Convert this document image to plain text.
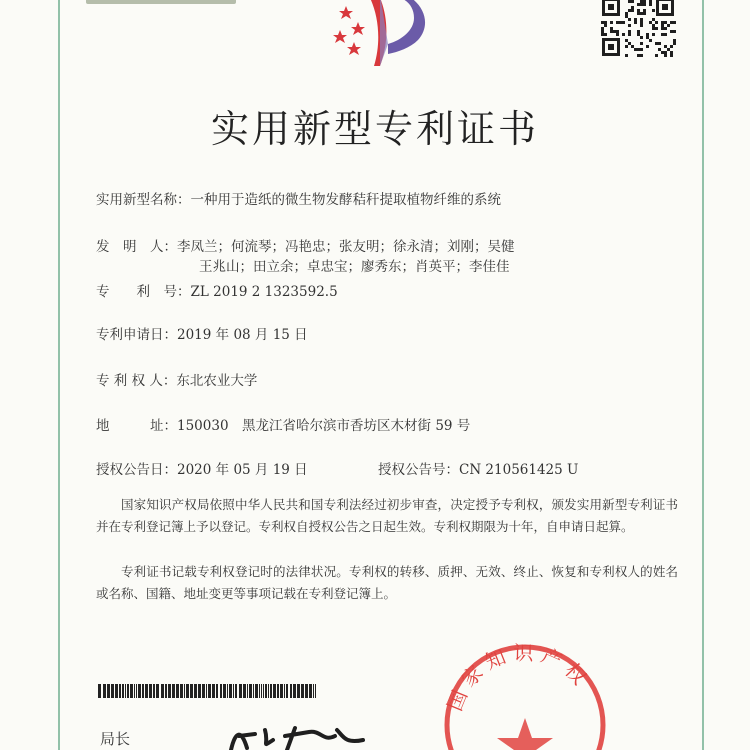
实用新型专利证书
实用新型名称：一种用于造纸的微生物发酵秸秆提取植物纤维的系统
发　明　人：李凤兰；何流琴；冯艳忠；张友明；徐永清；刘刚；吴健
王兆山；田立余；卓忠宝；廖秀东；肖英平；李佳佳
专　　利　号：ZL 2019 2 1323592.5
专利申请日：2019 年 08 月 15 日
专 利 权 人：东北农业大学
地　　　址：150030　黑龙江省哈尔滨市香坊区木材街 59 号
授权公告日：2020 年 05 月 19 日	授权公告号：CN 210561425 U
国家知识产权局依照中华人民共和国专利法经过初步审查，决定授予专利权，颁发实用新型专利证书并在专利登记簿上予以登记。专利权自授权公告之日起生效。专利权期限为十年，自申请日起算。
专利证书记载专利权登记时的法律状况。专利权的转移、质押、无效、终止、恢复和专利权人的姓名或名称、国籍、地址变更等事项记载在专利登记簿上。
国家知识产权
局长
